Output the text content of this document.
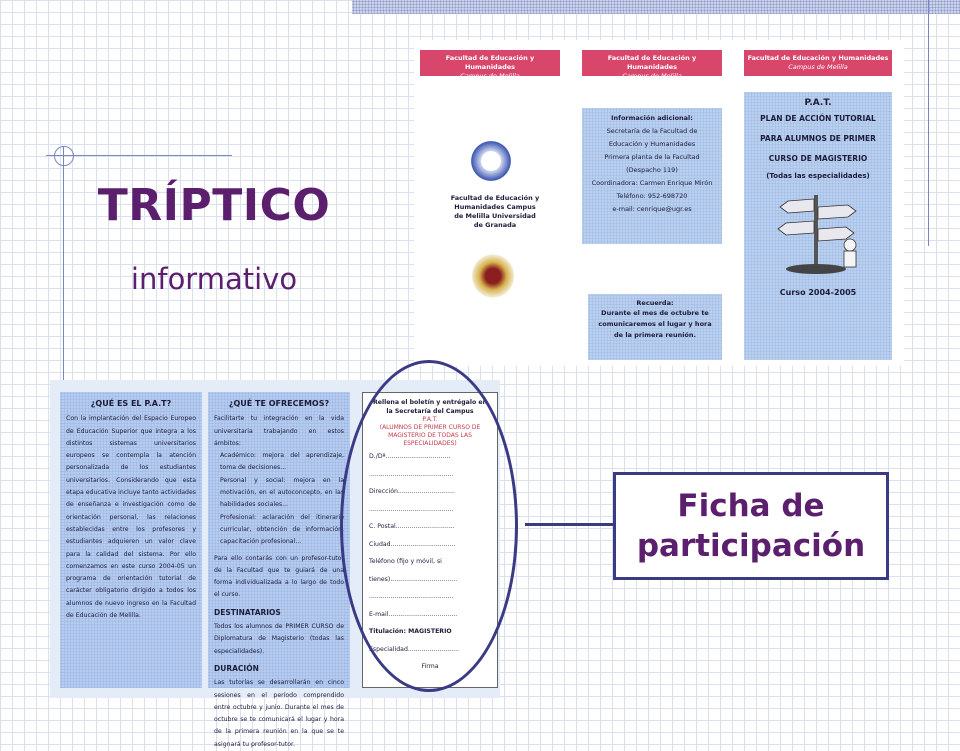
TRÍPTICO
informativo
Facultad de Educación y Humanidades
Campus de Melilla
Facultad de Educación y Humanidades Campus de Melilla Universidad de Granada
Facultad de Educación y Humanidades
Campus de Melilla
Información adicional:
Secretaría de la Facultad de
Educación y Humanidades
Primera planta de la Facultad
(Despacho 119)
Coordinadora: Carmen Enrique Mirón
Teléfono: 952-698720
e-mail: cenrique@ugr.es
Recuerda:
Durante el mes de octubre te comunicaremos el lugar y hora de la primera reunión.
Facultad de Educación y Humanidades
Campus de Melilla
P.A.T.
PLAN DE ACCIÓN TUTORIAL
PARA ALUMNOS DE PRIMER
CURSO DE MAGISTERIO
(Todas las especialidades)
Curso 2004-2005
¿QUÉ ES EL P.A.T?

Con la implantación del Espacio Europeo de Educación Superior que integra a los distintos sistemas universitarios europeos se contempla la atención personalizada de los estudiantes universitarios. Considerando que esta etapa educativa incluye tanto actividades de enseñanza e investigación como de orientación personal, las relaciones establecidas entre los profesores y estudiantes adquieren un valor clave para la calidad del sistema. Por ello comenzamos en este curso 2004-05 un programa de orientación tutorial de carácter obligatorio dirigido a todos los alumnos de nuevo ingreso en la Facultad de Educación de Melilla.

¿QUÉ TE OFRECEMOS?

Facilitarte tu integración en la vida universitaria trabajando en estos ámbitos:

Académico: mejora del aprendizaje, toma de decisiones...

Personal y social: mejora en la motivación, en el autoconcepto, en las habilidades sociales...

Profesional: aclaración del itinerario curricular, obtención de información, capacitación profesional...

Para ello contarás con un profesor-tutor de la Facultad que te guiará de una forma individualizada a lo largo de todo el curso.

DESTINATARIOS

Todos los alumnos de PRIMER CURSO de Diplomatura de Magisterio (todas las especialidades).

DURACIÓN

Las tutorías se desarrollarán en cinco sesiones en el período comprendido entre octubre y junio. Durante el mes de octubre se te comunicará el lugar y hora de la primera reunión en la que se te asignará tu profesor-tutor.

Rellena el boletín y entrégalo en la Secretaría del Campus
P.A.T.
(ALUMNOS DE PRIMER CURSO DE MAGISTERIO DE TODAS LAS ESPECIALIDADES)
D./Dª.................................
...........................................
Dirección.............................
...........................................
C. Postal..............................
Ciudad.................................
Teléfono (fijo y móvil, si
tienes)..................................
...........................................
E-mail...................................
Titulación: MAGISTERIO
Especialidad..........................
Firma
Ficha de participación
